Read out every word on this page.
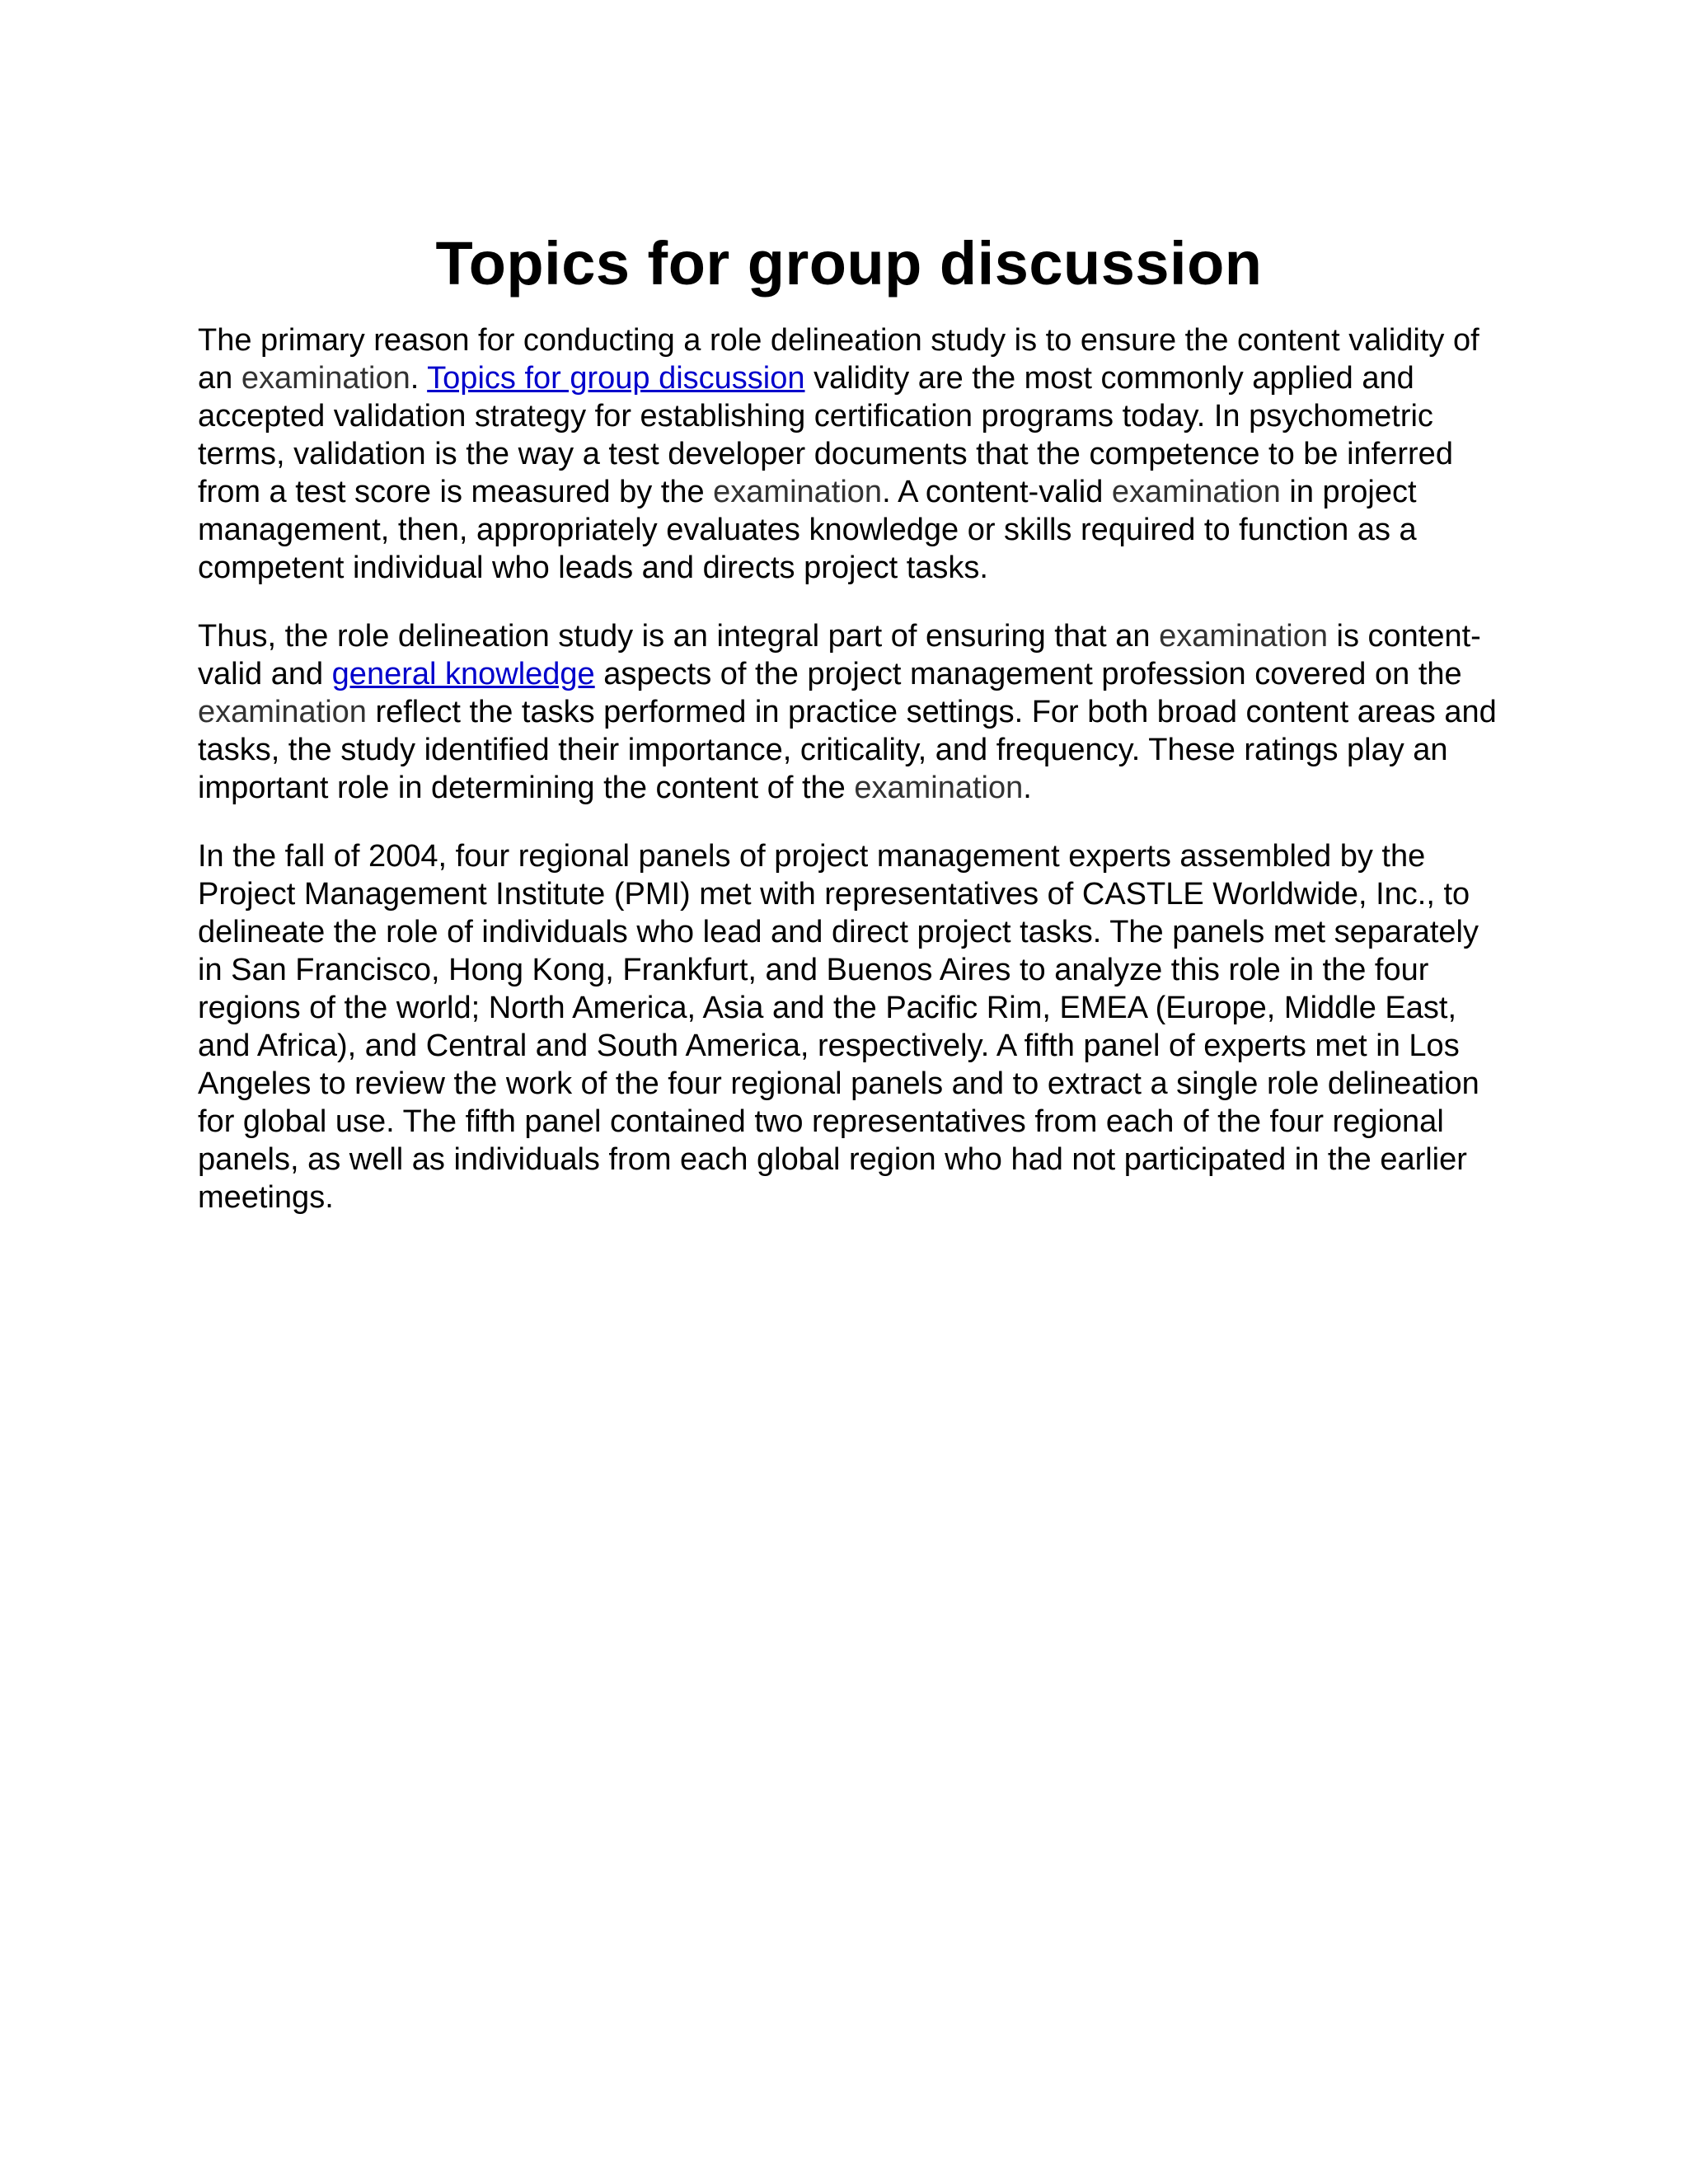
Topics for group discussion

The primary reason for conducting a role delineation study is to ensure the content validity of an examination. Topics for group discussion validity are the most commonly applied and accepted validation strategy for establishing certification programs today. In psychometric terms, validation is the way a test developer documents that the competence to be inferred from a test score is measured by the examination. A content-valid examination in project management, then, appropriately evaluates knowledge or skills required to function as a competent individual who leads and directs project tasks.

Thus, the role delineation study is an integral part of ensuring that an examination is content- valid and general knowledge aspects of the project management profession covered on the examination reflect the tasks performed in practice settings. For both broad content areas and tasks, the study identified their importance, criticality, and frequency. These ratings play an important role in determining the content of the examination.

In the fall of 2004, four regional panels of project management experts assembled by the Project Management Institute (PMI) met with representatives of CASTLE Worldwide, Inc., to delineate the role of individuals who lead and direct project tasks. The panels met separately in San Francisco, Hong Kong, Frankfurt, and Buenos Aires to analyze this role in the four regions of the world; North America, Asia and the Pacific Rim, EMEA (Europe, Middle East, and Africa), and Central and South America, respectively. A fifth panel of experts met in Los Angeles to review the work of the four regional panels and to extract a single role delineation for global use. The fifth panel contained two representatives from each of the four regional panels, as well as individuals from each global region who had not participated in the earlier meetings.
